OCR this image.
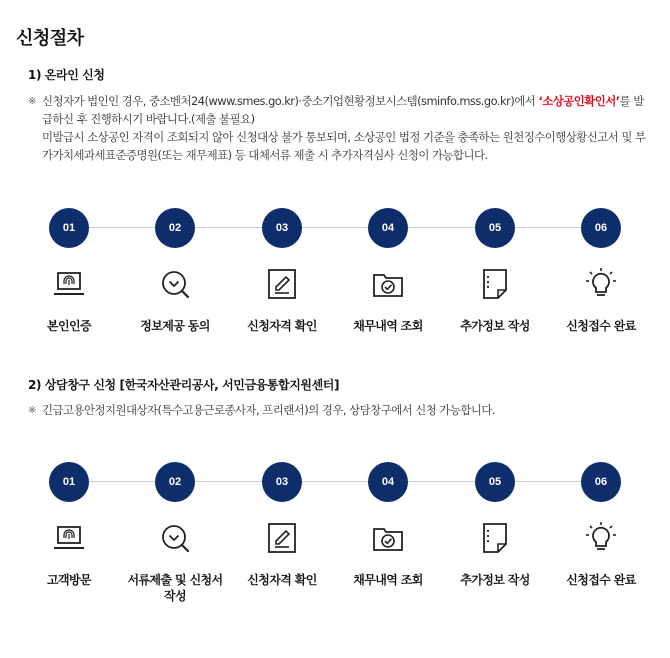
신청절차
1) 온라인 신청
※ 신청자가 법인인 경우, 중소벤처24(www.smes.go.kr)·중소기업현황정보시스템(sminfo.mss.go.kr)에서 ‘소상공인확인서’를 발급하신 후 진행하시기 바랍니다.(제출 불필요)
미발급시 소상공인 자격이 조회되지 않아 신청대상 불가 통보되며, 소상공인 법정 기준을 충족하는 원천징수이행상황신고서 및 부가가치세과세표준증명원(또는 재무제표) 등 대체서류 제출 시 추가자격심사 신청이 가능합니다.
01
본인인증
02
정보제공 동의
03
신청자격 확인
04
채무내역 조회
05
추가정보 작성
06
신청접수 완료
2) 상담창구 신청 [한국자산관리공사, 서민금융통합지원센터]
※ 긴급고용안정지원대상자(특수고용근로종사자, 프리랜서)의 경우, 상담창구에서 신청 가능합니다.
01
고객방문
02
서류제출 및 신청서
작성
03
신청자격 확인
04
채무내역 조회
05
추가정보 작성
06
신청접수 완료
